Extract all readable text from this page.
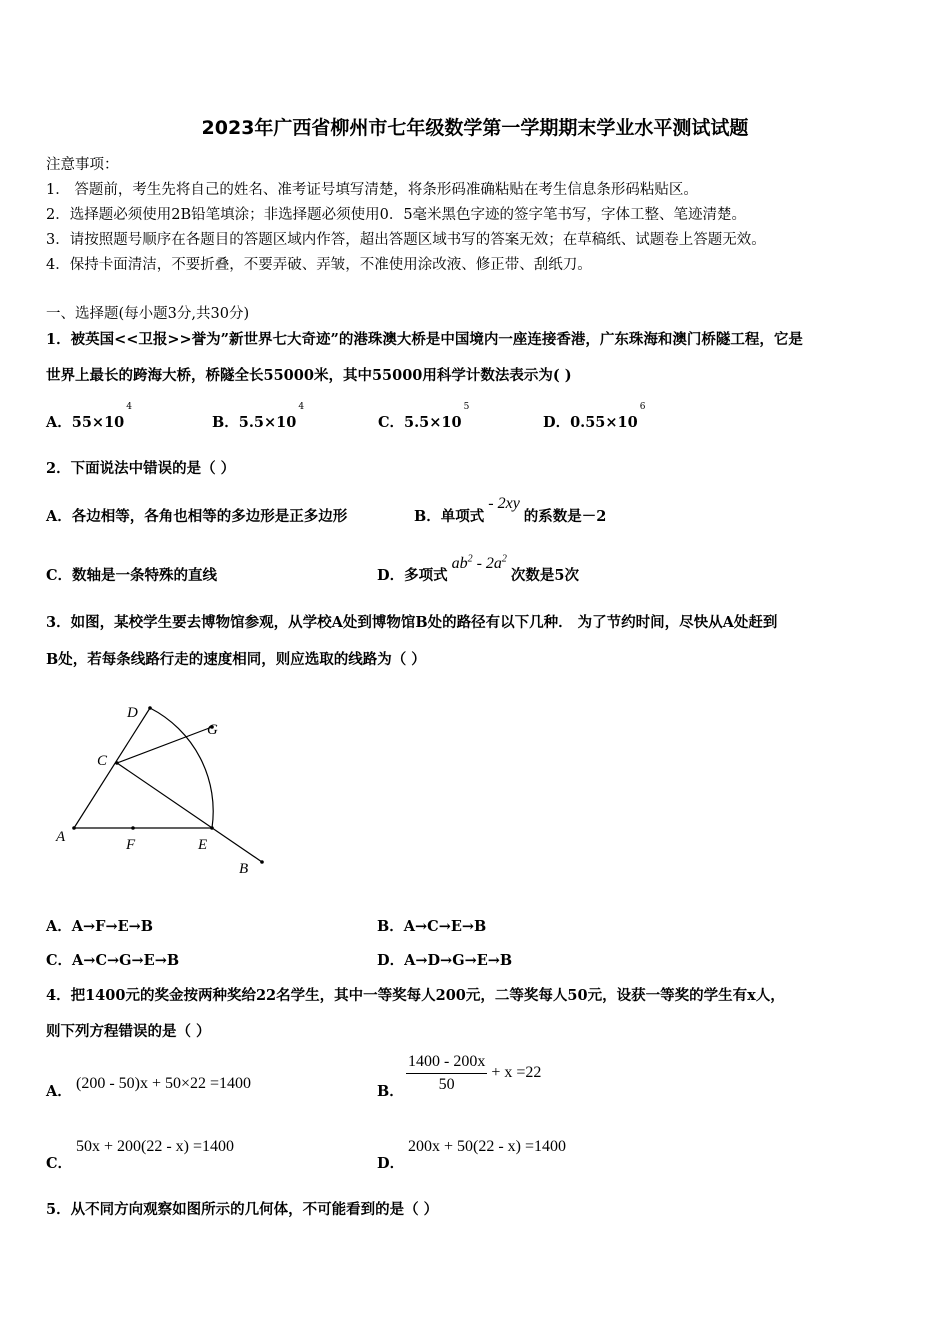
2023年广西省柳州市七年级数学第一学期期末学业水平测试试题
注意事项：
1． 答题前，考生先将自己的姓名、准考证号填写清楚，将条形码准确粘贴在考生信息条形码粘贴区。
2．选择题必须使用2B铅笔填涂；非选择题必须使用0．5毫米黑色字迹的签字笔书写，字体工整、笔迹清楚。
3．请按照题号顺序在各题目的答题区域内作答，超出答题区域书写的答案无效；在草稿纸、试题卷上答题无效。
4．保持卡面清洁，不要折叠，不要弄破、弄皱，不准使用涂改液、修正带、刮纸刀。
一、选择题(每小题3分,共30分)
1．被英国<<卫报>>誉为”新世界七大奇迹”的港珠澳大桥是中国境内一座连接香港，广东珠海和澳门桥隧工程，它是
世界上最长的跨海大桥，桥隧全长55000米，其中55000用科学计数法表示为( )
A．$55\times 10^4$
B．$5.5\times 10^4$
C．$5.5\times 10^5$
D．$0.55\times 10^6$
2．下面说法中错误的是（ ）
A．各边相等，各角也相等的多边形是正多边形	B．单项式- 2xy的系数是－2
C．数轴是一条特殊的直线	D．多项式$ab^2 - 2a^2$次数是5次
3．如图，某校学生要去博物馆参观，从学校A处到博物馆B处的路径有以下几种． 为了节约时间，尽快从A处赶到
B处，若每条线路行走的速度相同，则应选取的线路为（ ）
A	F	E
B
C
D
G
A．A→F→E→B	B．A→C→E→B
C．A→C→G→E→B	D．A→D→G→E→B
4．把1400元的奖金按两种奖给22名学生，其中一等奖每人200元，二等奖每人50元，设获一等奖的学生有x人，
则下列方程错误的是（ ）
A． (200 - 50)x + 50×22 =1400	B． $\frac{1400 - 200x}{50} + x =22$
C．
50x + 200(22 - x) =1400
D．
200x + 50(22 - x) =1400
5．从不同方向观察如图所示的几何体，不可能看到的是（ ）
